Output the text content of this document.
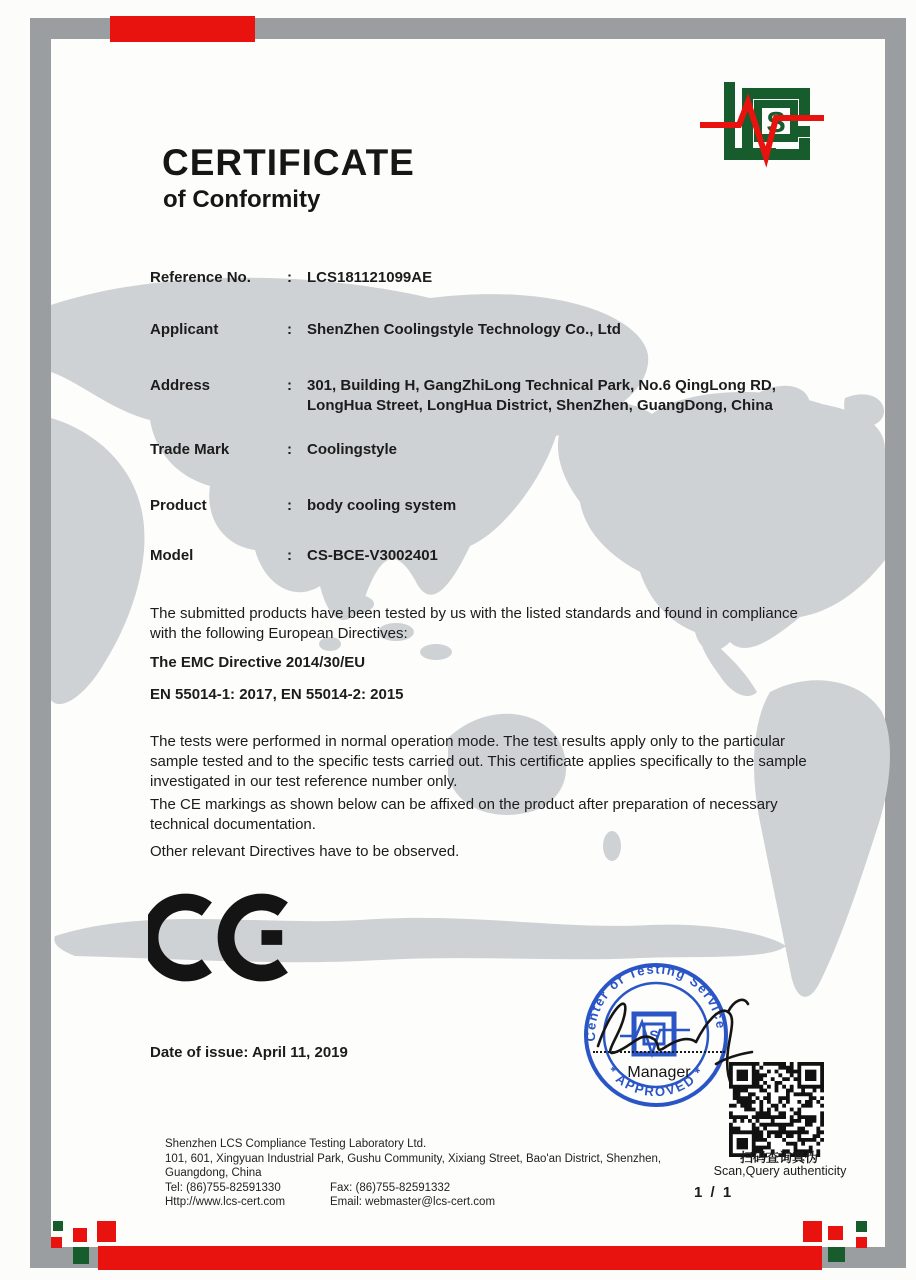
S
CERTIFICATE
of Conformity
Reference No.	:	LCS181121099AE
Applicant	:	ShenZhen Coolingstyle Technology Co., Ltd
Address	:	301, Building H, GangZhiLong Technical Park, No.6 QingLong RD, LongHua Street, LongHua District, ShenZhen, GuangDong, China
Trade Mark	:	Coolingstyle
Product	:	body cooling system
Model	:	CS-BCE-V3002401
The submitted products have been tested by us with the listed standards and found in compliance with the following European Directives:
The EMC Directive 2014/30/EU
EN 55014-1: 2017, EN 55014-2: 2015
The tests were performed in normal operation mode. The test results apply only to the particular sample tested and to the specific tests carried out. This certificate applies specifically to the sample investigated in our test reference number only.
The CE markings as shown below can be affixed on the product after preparation of necessary technical documentation.
Other relevant Directives have to be observed.
Date of issue: April 11, 2019
Center of Testing Service
* APPROVED *
S
Manager
扫码查询真伪
Scan,Query authenticity
1 / 1
Shenzhen LCS Compliance Testing Laboratory Ltd.
101, 601, Xingyuan Industrial Park, Gushu Community, Xixiang Street, Bao'an District, Shenzhen,
Guangdong, China
Tel: (86)755-82591330	Fax: (86)755-82591332
Http://www.lcs-cert.com	Email: webmaster@lcs-cert.com
